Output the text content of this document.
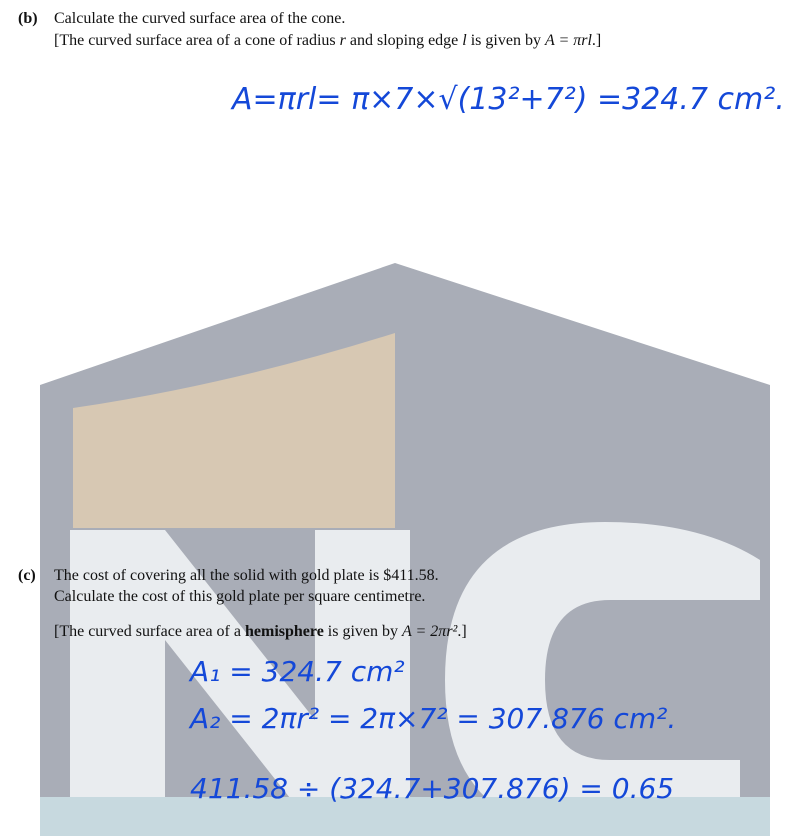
(b) Calculate the curved surface area of the cone.
[The curved surface area of a cone of radius r and sloping edge l is given by A = πrl.]
A=πrl= π×7×√(13²+7²) =324.7 cm².
(c) The cost of covering all the solid with gold plate is $411.58.
Calculate the cost of this gold plate per square centimetre.
[The curved surface area of a hemisphere is given by A = 2πr².]
A₁ = 324.7 cm²
A₂ = 2πr² = 2π×7² = 307.876 cm².
411.58 ÷ (324.7+307.876) = 0.65
